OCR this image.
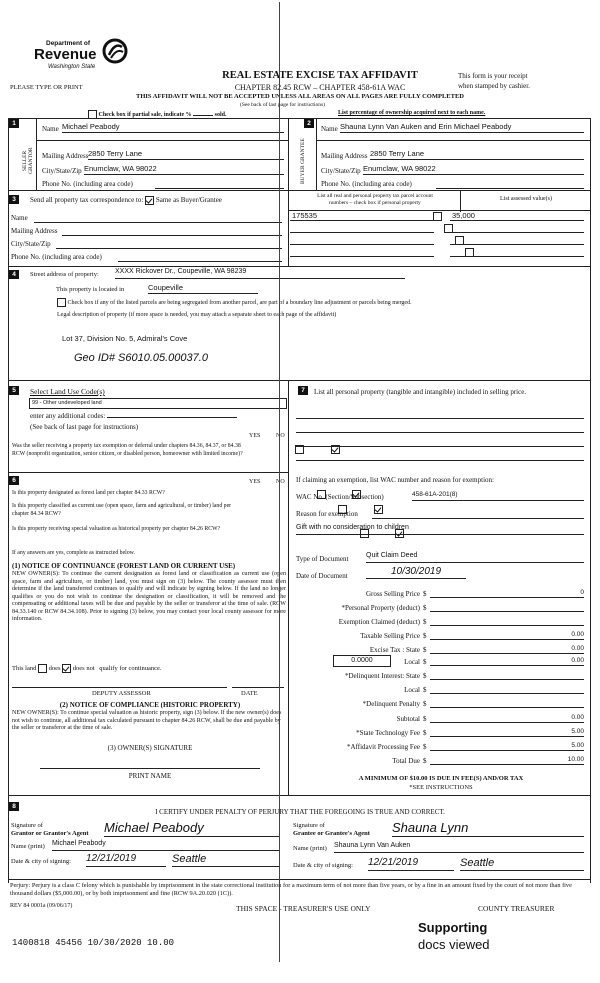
Department of
Revenue
Washington State
PLEASE TYPE OR PRINT
REAL ESTATE EXCISE TAX AFFIDAVIT
CHAPTER 82.45 RCW – CHAPTER 458-61A WAC
This form is your receipt
when stamped by cashier.
THIS AFFIDAVIT WILL NOT BE ACCEPTED UNLESS ALL AREAS ON ALL PAGES ARE FULLY COMPLETED
(See back of last page for instructions)
Check box if partial sale, indicate %	sold.	List percentage of ownership acquired next to each name.
1
SELLER GRANTOR
Name Michael Peabody
Mailing Address 2850 Terry Lane
City/State/Zip Enumclaw, WA 98022
Phone No. (including area code)
2
BUYER GRANTEE
Name Shauna Lynn Van Auken and Erin Michael Peabody
Mailing Address 2850 Terry Lane
City/State/Zip Enumclaw, WA 98022
Phone No. (including area code)
3	Send all property tax correspondence to: Same as Buyer/Grantee
Name
Mailing Address
City/State/Zip
Phone No. (including area code)
List all real and personal property tax parcel account
numbers – check box if personal property
List assessed value(s)
175535
	35,000

4	Street address of property: XXXX Rickover Dr., Coupeville, WA 98239
This property is located in	Coupeville
Check box if any of the listed parcels are being segregated from another parcel, are part of a boundary line adjustment or parcels being merged.
Legal description of property (if more space is needed, you may attach a separate sheet to each page of the affidavit)
Lot 37, Division No. 5, Admiral's Cove
Geo ID# S6010.05.00037.0
5	Select Land Use Code(s)
99 - Other undeveloped land
enter any additional codes:
(See back of last page for instructions)
YES	NO
Was the seller receiving a property tax exemption or deferral under chapters 84.36, 84.37, or 84.38 RCW (nonprofit organization, senior citizen, or disabled person, homeowner with limited income)?

6	YES	NO
Is this property designated as forest land per chapter 84.33 RCW?

Is this property classified as current use (open space, farm and agricultural, or timber) land per chapter 84.34 RCW?

Is this property receiving special valuation as historical property per chapter 84.26 RCW?

If any answers are yes, complete as instructed below.
(1) NOTICE OF CONTINUANCE (FOREST LAND OR CURRENT USE)
NEW OWNER(S): To continue the current designation as forest land or classification as current use (open space, farm and agriculture, or timber) land, you must sign on (3) below. The county assessor must then determine if the land transferred continues to qualify and will indicate by signing below. If the land no longer qualifies or you do not wish to continue the designation or classification, it will be removed and the compensating or additional taxes will be due and payable by the seller or transferor at the time of sale. (RCW 84.33.140 or RCW 84.34.108). Prior to signing (3) below, you may contact your local county assessor for more information.
This land does does not qualify for continuance.
DEPUTY ASSESSOR	DATE
(2) NOTICE OF COMPLIANCE (HISTORIC PROPERTY)
NEW OWNER(S): To continue special valuation as historic property, sign (3) below. If the new owner(s) does not wish to continue, all additional tax calculated pursuant to chapter 84.26 RCW, shall be due and payable by the seller or transferor at the time of sale.
(3) OWNER(S) SIGNATURE
PRINT NAME
7	List all personal property (tangible and intangible) included in selling price.
If claiming an exemption, list WAC number and reason for exemption:
WAC No. (Section/Subsection)	458-61A-201(8)
Reason for exemption
Gift with no consideration to children
Type of Document	Quit Claim Deed
Date of Document	10/30/2019
Gross Selling Price $	0
*Personal Property (deduct) $
Exemption Claimed (deduct) $
Taxable Selling Price $	0.00
Excise Tax : State $	0.00
0.0000	Local $	0.00
*Delinquent Interest: State $
Local $
*Delinquent Penalty $
Subtotal $	0.00
*State Technology Fee $	5.00
*Affidavit Processing Fee $	5.00
Total Due $	10.00
A MINIMUM OF $10.00 IS DUE IN FEE(S) AND/OR TAX
*SEE INSTRUCTIONS
8
I CERTIFY UNDER PENALTY OF PERJURY THAT THE FOREGOING IS TRUE AND CORRECT.
Signature of
Grantor or Grantor's Agent Michael Peabody
Name (print) Michael Peabody
Date & city of signing: 12/21/2019	Seattle
Signature of
Grantee or Grantee's Agent Shauna Lynn
Name (print) Shauna Lynn Van Auken
Date & city of signing: 12/21/2019	Seattle
Perjury: Perjury is a class C felony which is punishable by imprisonment in the state correctional institution for a maximum term of not more than five years, or by a fine in an amount fixed by the court of not more than five thousand dollars ($5,000.00), or by both imprisonment and fine (RCW 9A.20.020 (1C)).
REV 84 0001a (09/06/17)	THIS SPACE - TREASURER'S USE ONLY	COUNTY TREASURER
1400818 45456 10/30/2020 10.00
Supporting
docs viewed
